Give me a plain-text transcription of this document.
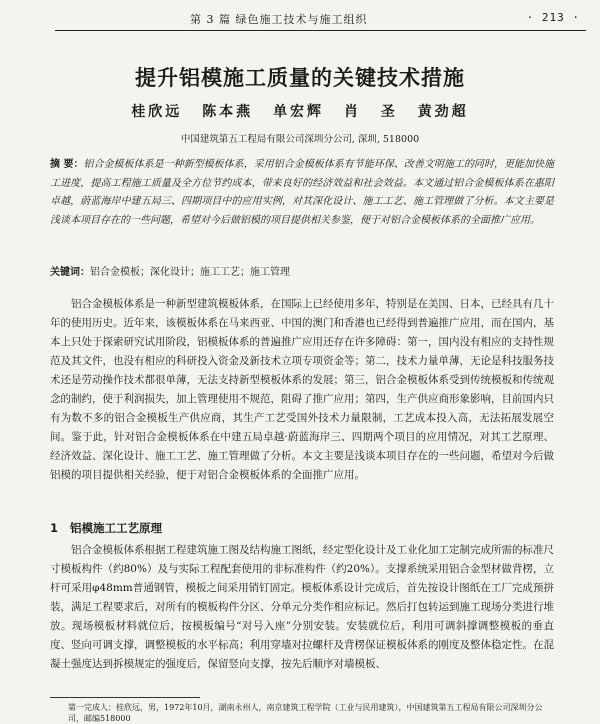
第 3 篇 绿色施工技术与施工组织	· 213 ·
提升铝模施工质量的关键技术措施
桂欣远 陈本燕 单宏辉 肖 圣 黄劲超
中国建筑第五工程局有限公司深圳分公司, 深圳, 518000
摘 要：铝合金模板体系是一种新型模板体系，采用铝合金模板体系有节能环保、改善文明施工的同时，更能加快施工进度，提高工程施工质量及全方位节约成本，带来良好的经济效益和社会效益。本文通过铝合金模板体系在惠阳卓越，蔚蓝海岸中建五局三、四期项目中的应用实例，对其深化设计、施工工艺、施工管理做了分析。本文主要是浅谈本项目存在的一些问题，希望对今后做铝模的项目提供相关参鉴，便于对铝合金模板体系的全面推广应用。
关键词：铝合金模板；深化设计；施工工艺；施工管理
铝合金模板体系是一种新型建筑模板体系，在国际上已经使用多年，特别是在美国、日本，已经具有几十年的使用历史。近年来，该模板体系在马来西亚、中国的澳门和香港也已经得到普遍推广应用，而在国内，基本上只处于探索研究试用阶段，铝模板体系的普遍推广应用还存在许多障碍：第一，国内没有相应的支持性规范及其文件，也没有相应的科研投入资金及新技术立项专项资金等；第二，技术力量单薄，无论是科技服务技术还是劳动操作技术都很单薄，无法支持新型模板体系的发展；第三，铝合金模板体系受到传统模板和传统观念的制约，使于利润损失，加上管理使用不规范，阻碍了推广应用；第四，生产供应商形象影响，目前国内只有为数不多的铝合金模板生产供应商，其生产工艺受国外技术力量限制，工艺成本投入高，无法拓展发展空间。鉴于此，针对铝合金模板体系在中建五局卓越·蔚蓝海岸三、四期两个项目的应用情况，对其工艺原理、经济效益、深化设计、施工工艺、施工管理做了分析。本文主要是浅谈本项目存在的一些问题，希望对今后做铝模的项目提供相关经验，便于对铝合金模板体系的全面推广应用。
1 铝模施工工艺原理
铝合金模板体系根据工程建筑施工图及结构施工图纸，经定型化设计及工业化加工定制完成所需的标准尺寸模板构件（约80%）及与实际工程配套使用的非标准构件（约20%）。支撑系统采用铝合金型材做背楞，立杆可采用φ48mm普通钢管，模板之间采用销钉固定。模板体系设计完成后，首先按设计图纸在工厂完成预拼装，满足工程要求后，对所有的模板构件分区、分单元分类作相应标记。然后打包转运到施工现场分类进行堆放。现场模板材料就位后，按模板编号“对号入座”分别安装。安装就位后，利用可调斜撑调整模板的垂直度、竖向可调支撑，调整模板的水平标高；利用穿墙对拉螺杆及背楞保证模板体系的刚度及整体稳定性。在混凝土强度达到拆模规定的强度后，保留竖向支撑，按先后顺序对墙模板、
第一完成人：桂欣远，男，1972年10月，湖南永州人，南京建筑工程学院（工业与民用建筑），中国建筑第五工程局有限公司深圳分公司，邮编518000
